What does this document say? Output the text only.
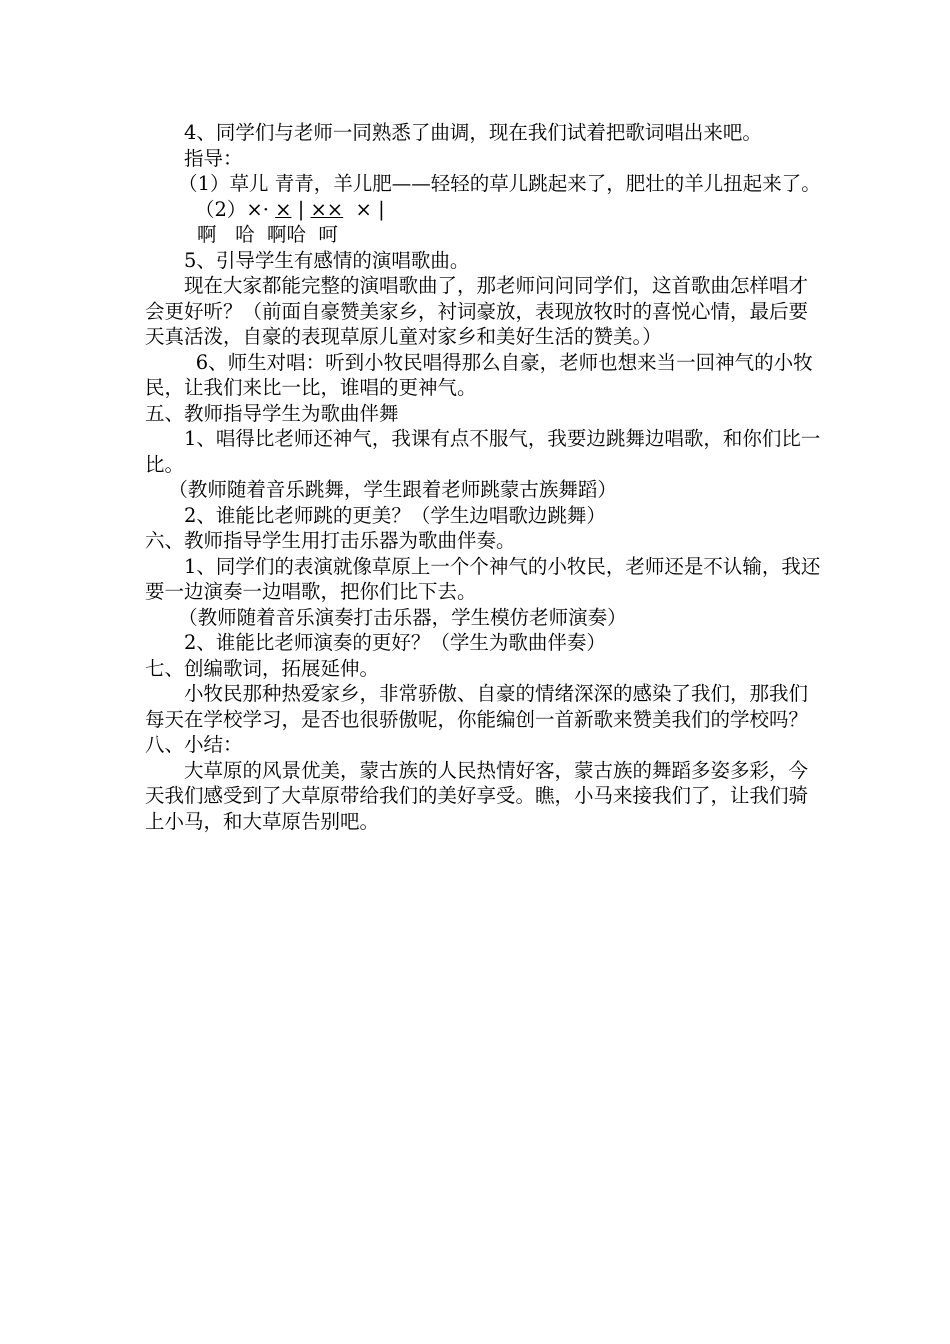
4、同学们与老师一同熟悉了曲调，现在我们试着把歌词唱出来吧。

指导：

（1）草儿 青青，羊儿肥——轻轻的草儿跳起来了，肥壮的羊儿扭起来了。

（2）×· × | ××  × |

啊   哈  啊哈  呵

5、引导学生有感情的演唱歌曲。

现在大家都能完整的演唱歌曲了，那老师问问同学们，这首歌曲怎样唱才会更好听？（前面自豪赞美家乡，衬词豪放，表现放牧时的喜悦心情，最后要天真活泼，自豪的表现草原儿童对家乡和美好生活的赞美。）

6、师生对唱：听到小牧民唱得那么自豪，老师也想来当一回神气的小牧民，让我们来比一比，谁唱的更神气。

五、教师指导学生为歌曲伴舞

1、唱得比老师还神气，我课有点不服气，我要边跳舞边唱歌，和你们比一比。

（教师随着音乐跳舞，学生跟着老师跳蒙古族舞蹈）

2、谁能比老师跳的更美？（学生边唱歌边跳舞）

六、教师指导学生用打击乐器为歌曲伴奏。

1、同学们的表演就像草原上一个个神气的小牧民，老师还是不认输，我还要一边演奏一边唱歌，把你们比下去。

（教师随着音乐演奏打击乐器，学生模仿老师演奏）

2、谁能比老师演奏的更好？（学生为歌曲伴奏）

七、创编歌词，拓展延伸。

小牧民那种热爱家乡，非常骄傲、自豪的情绪深深的感染了我们，那我们每天在学校学习，是否也很骄傲呢，你能编创一首新歌来赞美我们的学校吗？

八、小结：

大草原的风景优美，蒙古族的人民热情好客，蒙古族的舞蹈多姿多彩，今天我们感受到了大草原带给我们的美好享受。瞧，小马来接我们了，让我们骑上小马，和大草原告别吧。
